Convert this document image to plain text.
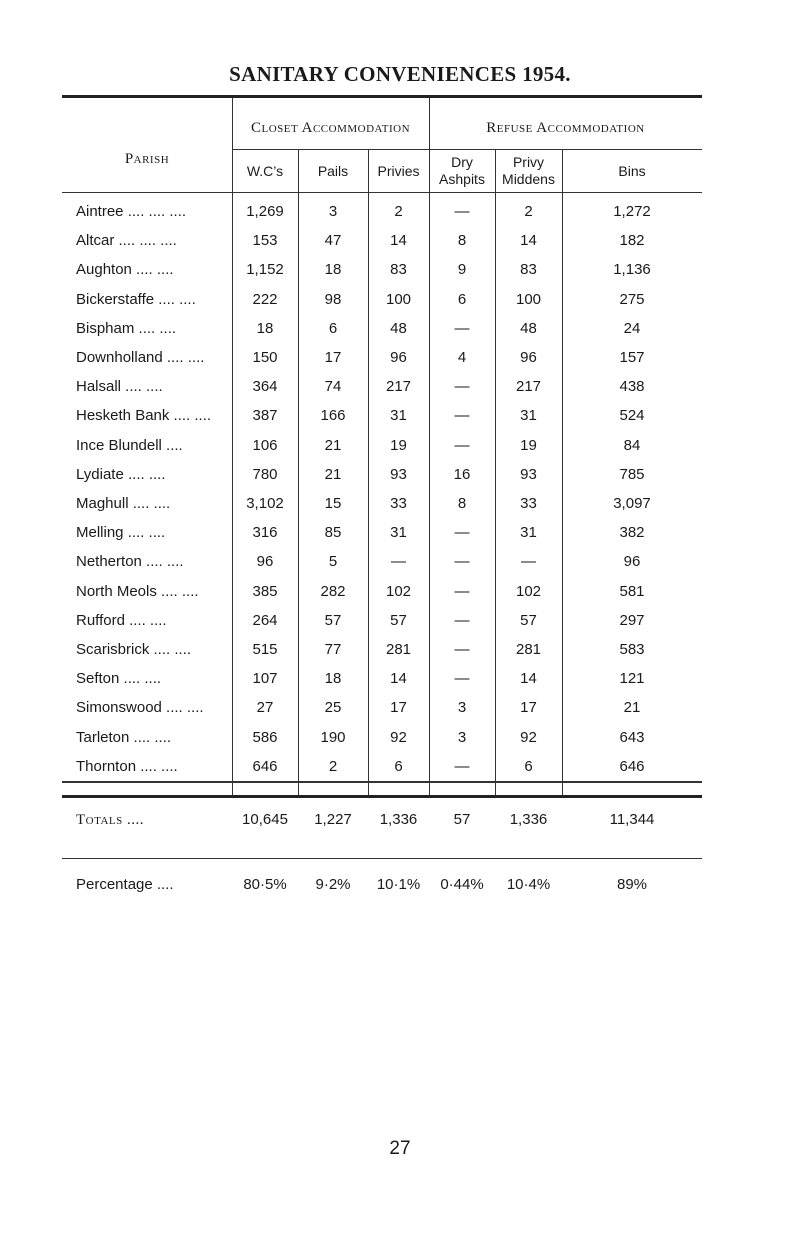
SANITARY CONVENIENCES 1954.
Parish
Closet Accommodation	Refuse Accommodation
W.C’s	Pails	Privies
Dry Ashpits
Privy Middens
Bins
Aintree .... .... ....	1,269	3	2	—	2	1,272
Altcar .... .... ....	153	47	14	8	14	182
Aughton .... ....	1,152	18	83	9	83	1,136
Bickerstaffe .... ....	222	98	100	6	100	275
Bispham .... ....	18	6	48	—	48	24
Downholland .... ....	150	17	96	4	96	157
Halsall .... ....	364	74	217	—	217	438
Hesketh Bank .... ....	387	166	31	—	31	524
Ince Blundell ....	106	21	19	—	19	84
Lydiate .... ....	780	21	93	16	93	785
Maghull .... ....	3,102	15	33	8	33	3,097
Melling .... ....	316	85	31	—	31	382
Netherton .... ....	96	5	—	—	—	96
North Meols .... ....	385	282	102	—	102	581
Rufford .... ....	264	57	57	—	57	297
Scarisbrick .... ....	515	77	281	—	281	583
Sefton .... ....	107	18	14	—	14	121
Simonswood .... ....	27	25	17	3	17	21
Tarleton .... ....	586	190	92	3	92	643
Thornton .... ....	646	2	6	—	6	646
Totals ....	10,645	1,227	1,336	57	1,336	11,344
Percentage ....	80·5%	9·2%	10·1%	0·44%	10·4%	89%
27
